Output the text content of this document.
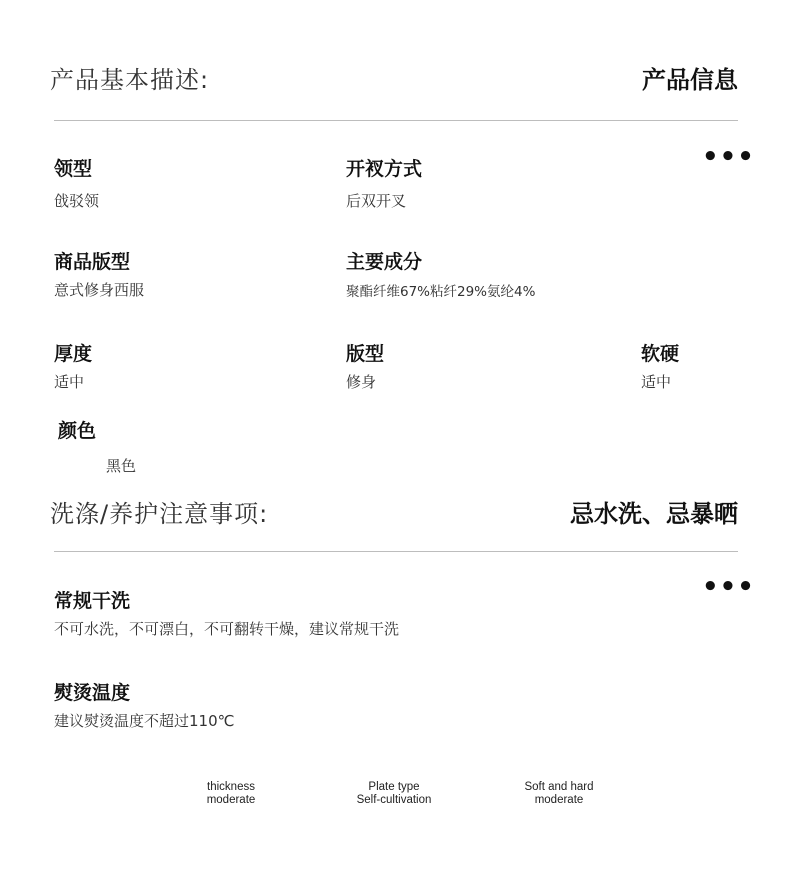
产品基本描述:	产品信息
•••
领型
戗驳领
开衩方式
后双开叉
商品版型
意式修身西服
主要成分
聚酯纤维67%粘纤29%氨纶4%
厚度
适中
版型
修身
软硬
适中
颜色
黑色
洗涤/养护注意事项:	忌水洗、忌暴晒
•••
常规干洗
不可水洗，不可漂白，不可翻转干燥，建议常规干洗
熨烫温度
建议熨烫温度不超过110℃
thickness
moderate
Plate type
Self-cultivation
Soft and hard
moderate
